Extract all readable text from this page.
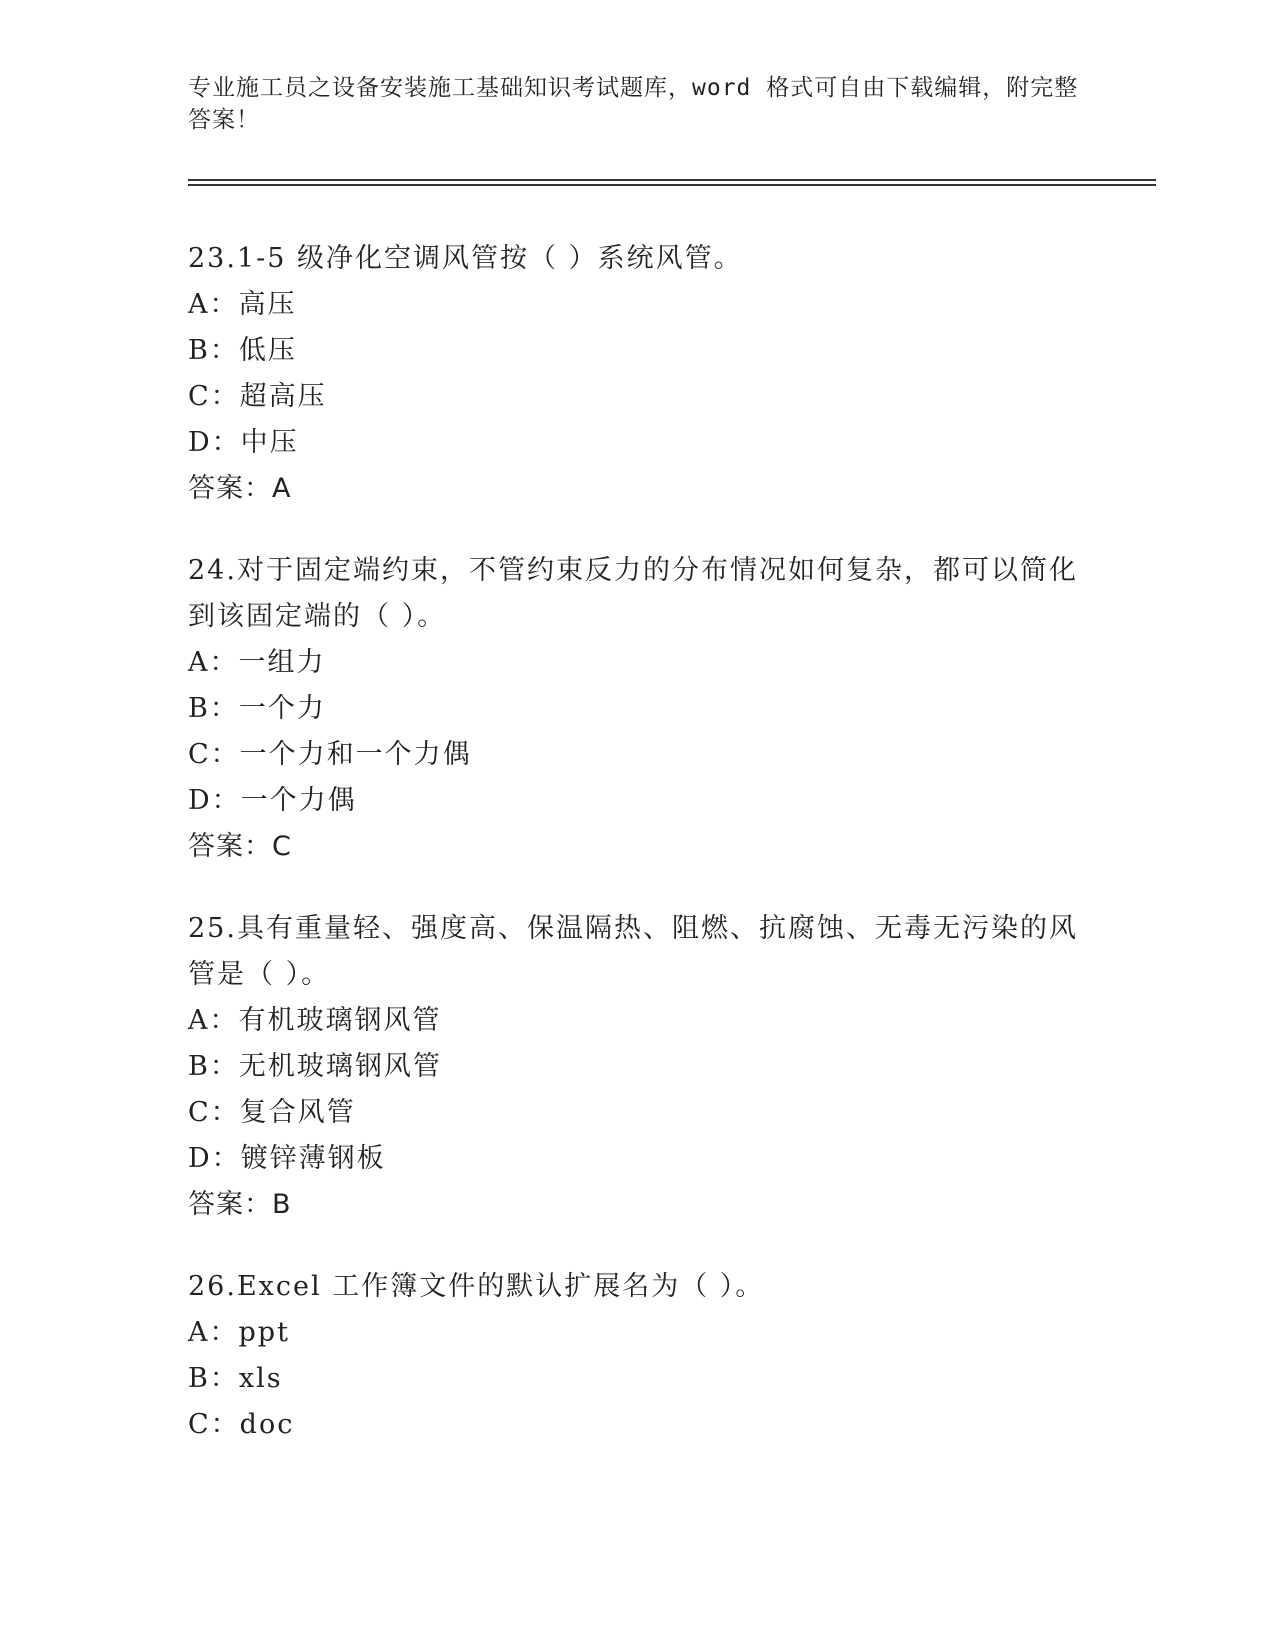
专业施工员之设备安装施工基础知识考试题库，word 格式可自由下载编辑，附完整答案！
23.1-5 级净化空调风管按（ ）系统风管。
A：高压
B：低压
C：超高压
D：中压
答案：A
24.对于固定端约束，不管约束反力的分布情况如何复杂，都可以简化到该固定端的（ ）。
A：一组力
B：一个力
C：一个力和一个力偶
D：一个力偶
答案：C
25.具有重量轻、强度高、保温隔热、阻燃、抗腐蚀、无毒无污染的风管是（ ）。
A：有机玻璃钢风管
B：无机玻璃钢风管
C：复合风管
D：镀锌薄钢板
答案：B
26.Excel 工作簿文件的默认扩展名为（ ）。
A：ppt
B：xls
C：doc
